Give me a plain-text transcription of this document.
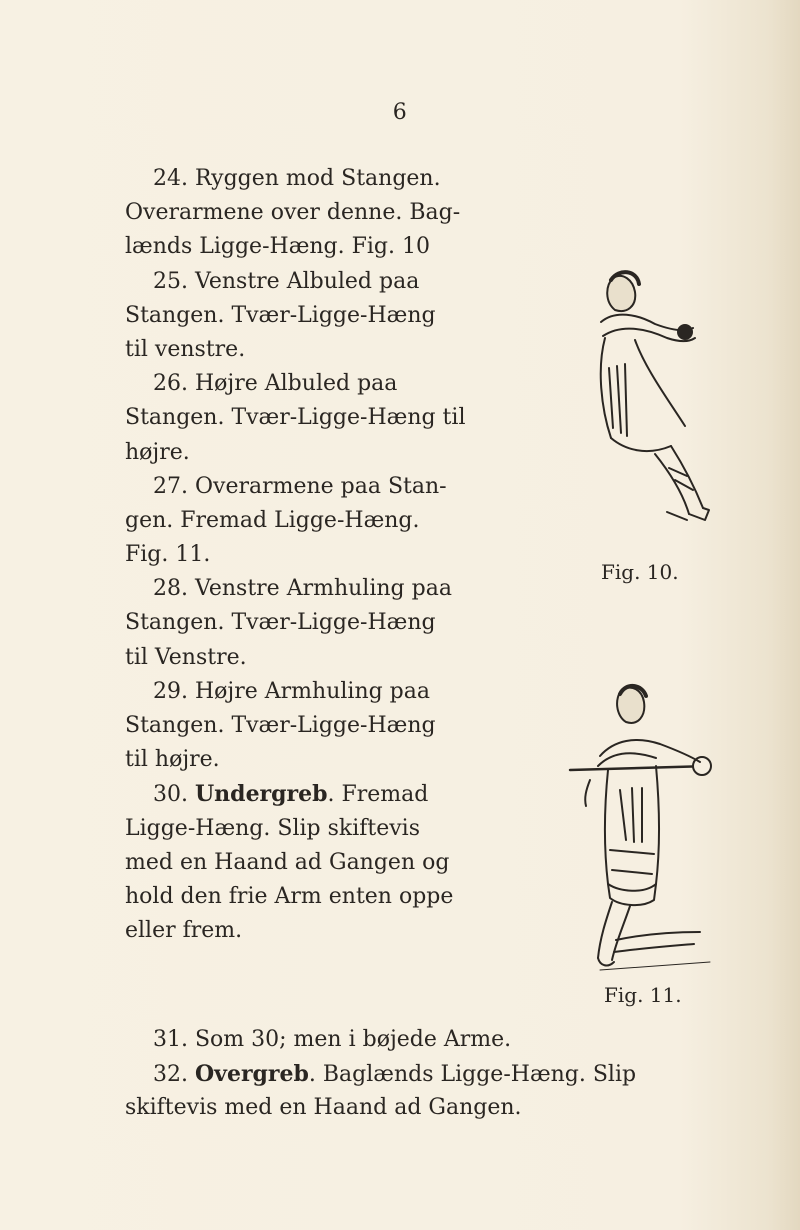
6
24. Ryggen mod Stangen.
Overarmene over denne. Bag-
lænds Ligge-Hæng. Fig. 10
25. Venstre Albuled paa
Stangen. Tvær-Ligge-Hæng
til venstre.
26. Højre Albuled paa
Stangen. Tvær-Ligge-Hæng til
højre.
27. Overarmene paa Stan-
gen. Fremad Ligge-Hæng.
Fig. 11.
28. Venstre Armhuling paa
Stangen. Tvær-Ligge-Hæng
til Venstre.
29. Højre Armhuling paa
Stangen. Tvær-Ligge-Hæng
til højre.
30. Undergreb. Fremad
Ligge-Hæng. Slip skiftevis
med en Haand ad Gangen og
hold den frie Arm enten oppe
eller frem.
31. Som 30; men i bøjede Arme.
32. Overgreb. Baglænds Ligge-Hæng. Slip
skiftevis med en Haand ad Gangen.
Fig. 10.
Fig. 11.
